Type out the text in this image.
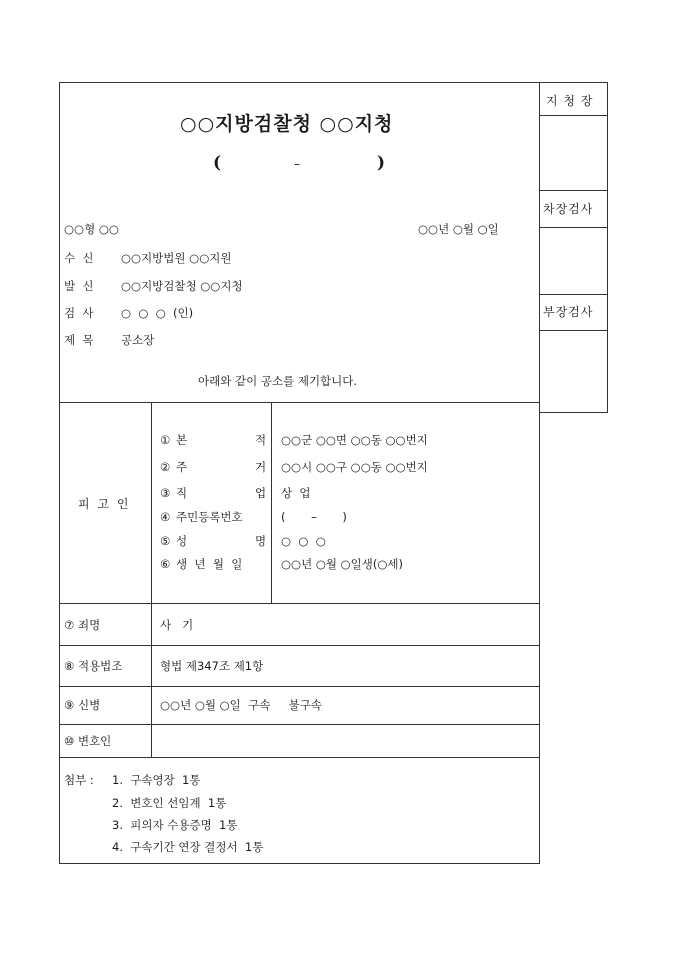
지 청 장
차장검사
부장검사
○○지방검찰청 ○○지청
(	–	)
○○형 ○○	○○년 ○월 ○일
수  신 ○○지방법원 ○○지원
발  신 ○○지방검찰청 ○○지청
검  사 ○  ○  ○  (인)
제  목 공소장
아래와 같이 공소를 제기합니다.
피 고 인
① 본	적 ○○군 ○○면 ○○동 ○○번지
② 주	거 ○○시 ○○구 ○○동 ○○번지
③ 직	업 상  업
④ 주민등록번호	(       –       )
⑤ 성	명 ○  ○  ○
⑥ 생  년  월  일	○○년 ○월 ○일생(○세)
⑦ 죄명	사   기
⑧ 적용법조	형법 제347조 제1항
⑨ 신병	○○년 ○월 ○일  구속     불구속
⑩ 변호인
첨부 : 1.  구속영장  1통
2.  변호인 선임계  1통
3.  피의자 수용증명  1통
4.  구속기간 연장 결정서  1통
